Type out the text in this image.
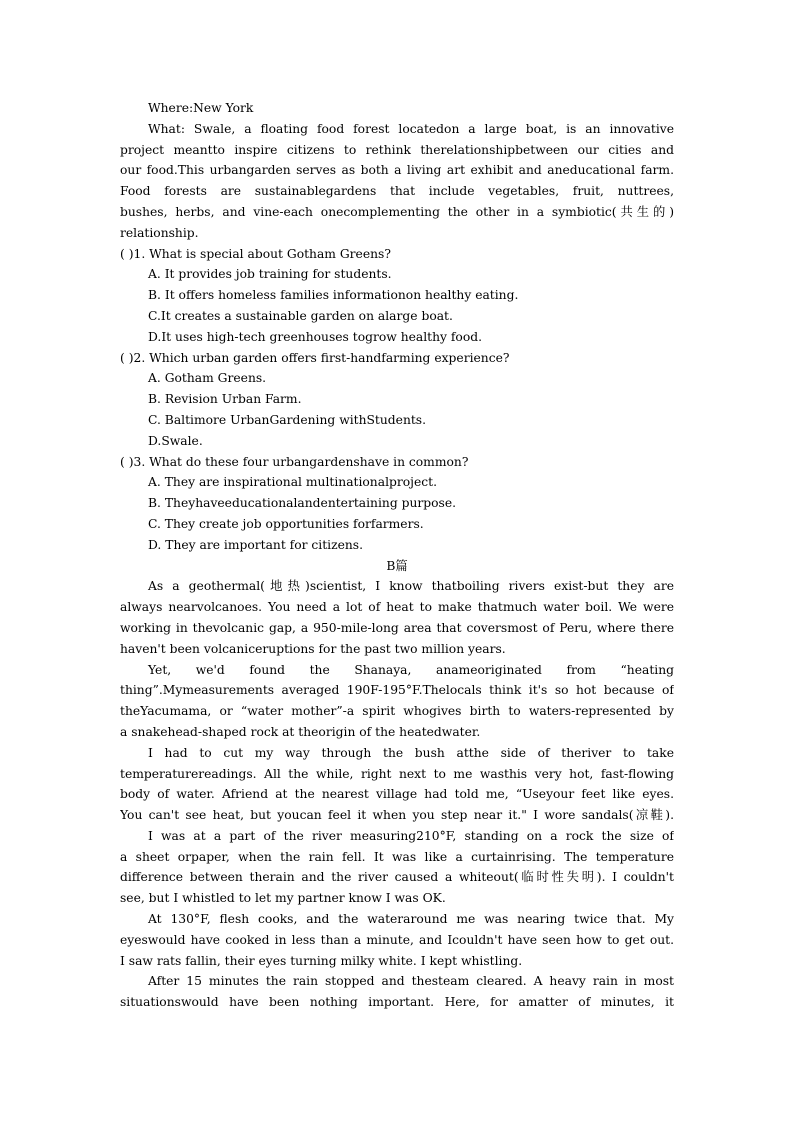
Where:New York
What: Swale, a floating food forest locatedon a large boat, is an innovative
project meantto inspire citizens to rethink therelationshipbetween our cities and
our food.This urbangarden serves as both a living art exhibit and aneducational farm.
Food forests are sustainablegardens that include vegetables, fruit, nuttrees,
bushes, herbs, and vine-each onecomplementing the other in a symbiotic(共生的)
relationship.
( )1. What is special about Gotham Greens?
A. It provides job training for students.
B. It offers homeless families informationon healthy eating.
C.It creates a sustainable garden on alarge boat.
D.It uses high-tech greenhouses togrow healthy food.
( )2. Which urban garden offers first-handfarming experience?
A. Gotham Greens.
B. Revision Urban Farm.
C. Baltimore UrbanGardening withStudents.
D.Swale.
( )3. What do these four urbangardenshave in common?
A. They are inspirational multinationalproject.
B. Theyhaveeducationalandentertaining purpose.
C. They create job opportunities forfarmers.
D. They are important for citizens.
B篇
As a geothermal(地热)scientist, I know thatboiling rivers exist-but they are
always nearvolcanoes. You need a lot of heat to make thatmuch water boil. We were
working in thevolcanic gap, a 950-mile-long area that coversmost of Peru, where there
haven't been volcaniceruptions for the past two million years.
Yet, we'd found the Shanaya, anameoriginated from “heating
thing”.Mymeasurements averaged 190F-195°F.Thelocals think it's so hot because of
theYacumama, or “water mother”-a spirit whogives birth to waters-represented by
a snakehead-shaped rock at theorigin of the heatedwater.
I had to cut my way through the bush atthe side of theriver to take
temperaturereadings. All the while, right next to me wasthis very hot, fast-flowing
body of water. Afriend at the nearest village had told me, “Useyour feet like eyes.
You can't see heat, but youcan feel it when you step near it." I wore sandals(凉鞋).
I was at a part of the river measuring210°F, standing on a rock the size of
a sheet orpaper, when the rain fell. It was like a curtainrising. The temperature
difference between therain and the river caused a whiteout(临时性失明). I couldn't
see, but I whistled to let my partner know I was OK.
At 130°F, flesh cooks, and the wateraround me was nearing twice that. My
eyeswould have cooked in less than a minute, and Icouldn't have seen how to get out.
I saw rats fallin, their eyes turning milky white. I kept whistling.
After 15 minutes the rain stopped and thesteam cleared. A heavy rain in most
situationswould have been nothing important. Here, for amatter of minutes, it
